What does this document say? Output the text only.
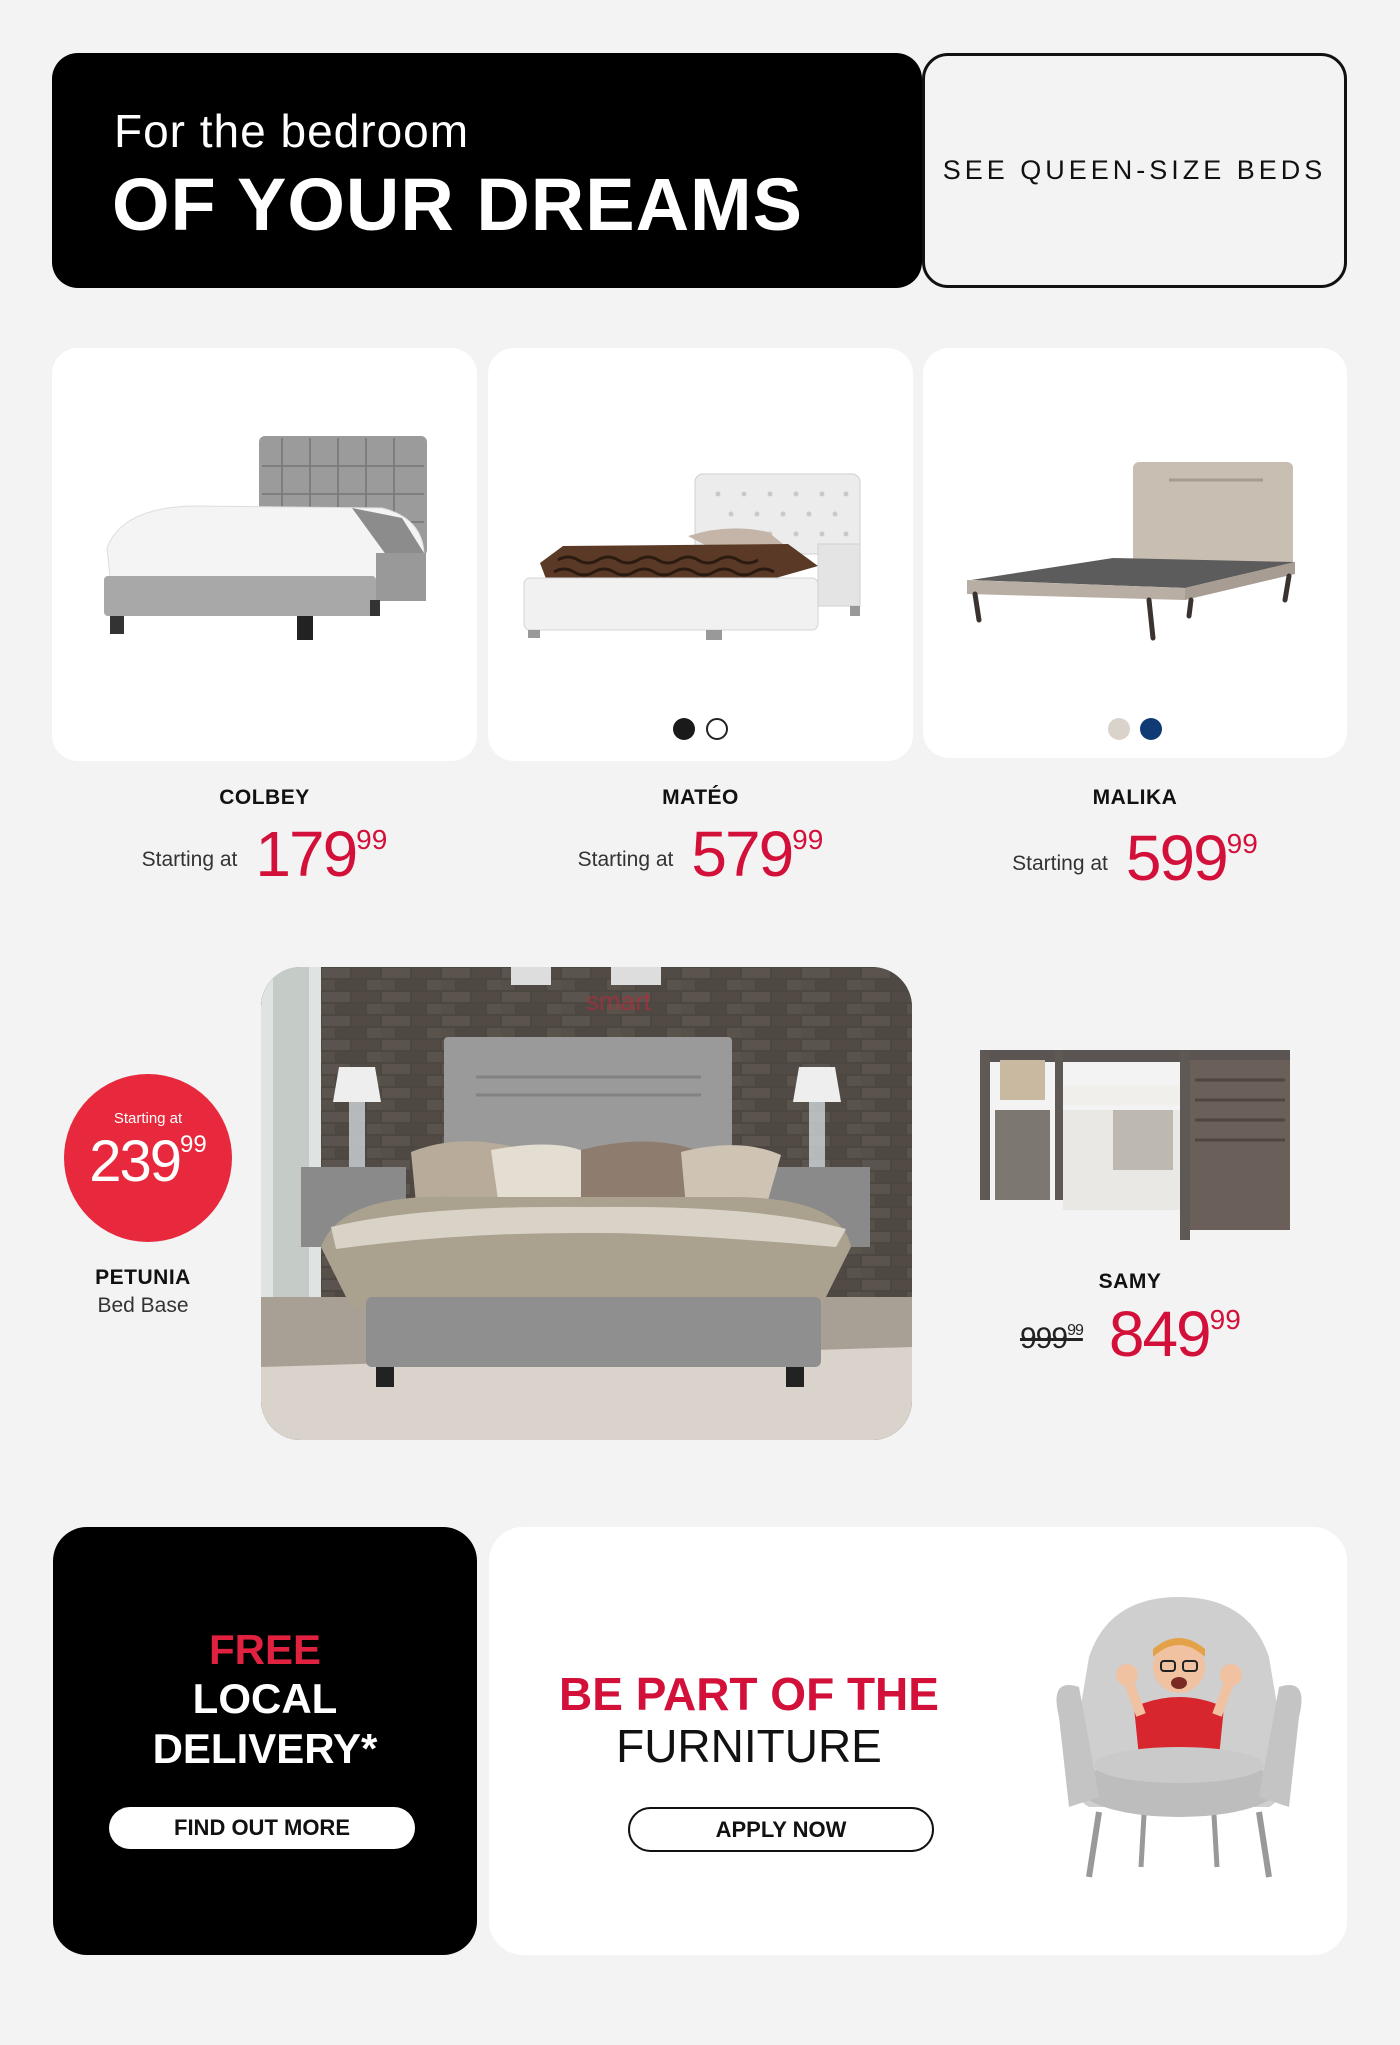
For the bedroom
OF YOUR DREAMS	SEE QUEEN-SIZE BEDS
COLBEY
Starting at $179^{99}$

MATÉO
Starting at $579^{99}$

MALIKA
Starting at $599^{99}$
Starting at
$239^{99}$
PETUNIA
Bed Base
smart
SAMY
$999^{99}$ $849^{99}$
FREE
LOCAL
DELIVERY*
FIND OUT MORE
BE PART OF THE
FURNITURE
APPLY NOW
